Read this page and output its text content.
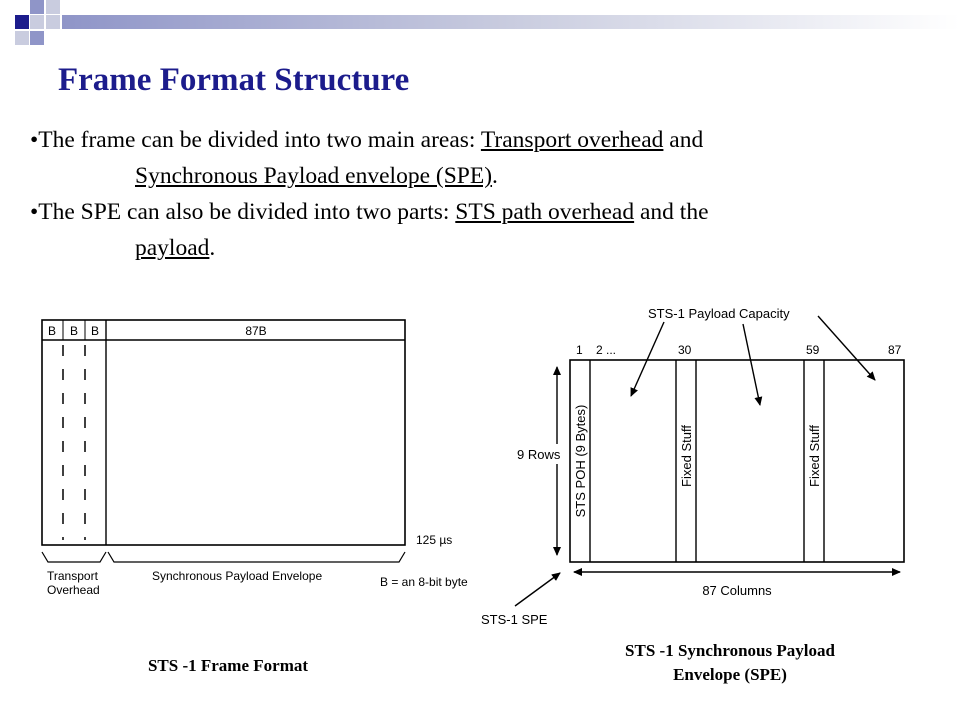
Frame Format Structure
•The frame can be divided into two main areas: Transport overhead and
Synchronous Payload envelope (SPE).
•The SPE can also be divided into two parts: STS path overhead and the
payload.
B B B	87B
125 µs
Transport
Overhead
Synchronous Payload Envelope	B = an 8-bit byte
STS-1 Payload Capacity
1 2 ...	30	59	87
STS POH (9 Bytes)	Fixed Stuff	Fixed Stuff
9 Rows
87 Columns
STS-1 SPE
STS -1 Frame Format
STS -1 Synchronous Payload
Envelope (SPE)
